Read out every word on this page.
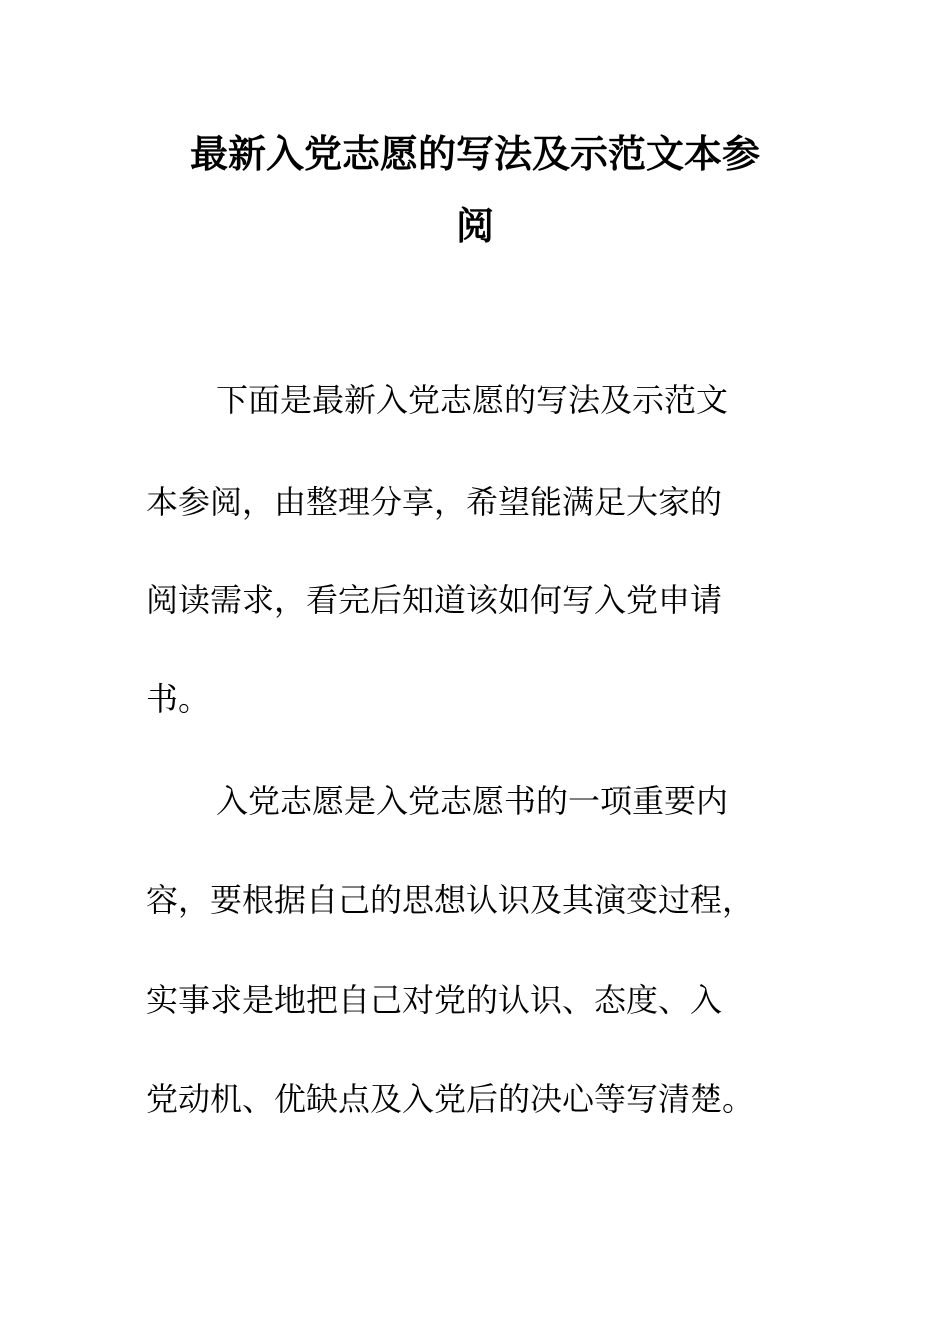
最新入党志愿的写法及示范文本参
阅
下面是最新入党志愿的写法及示范文
本参阅，由整理分享，希望能满足大家的
阅读需求，看完后知道该如何写入党申请
书。
入党志愿是入党志愿书的一项重要内
容，要根据自己的思想认识及其演变过程，
实事求是地把自己对党的认识、态度、入
党动机、优缺点及入党后的决心等写清楚。
